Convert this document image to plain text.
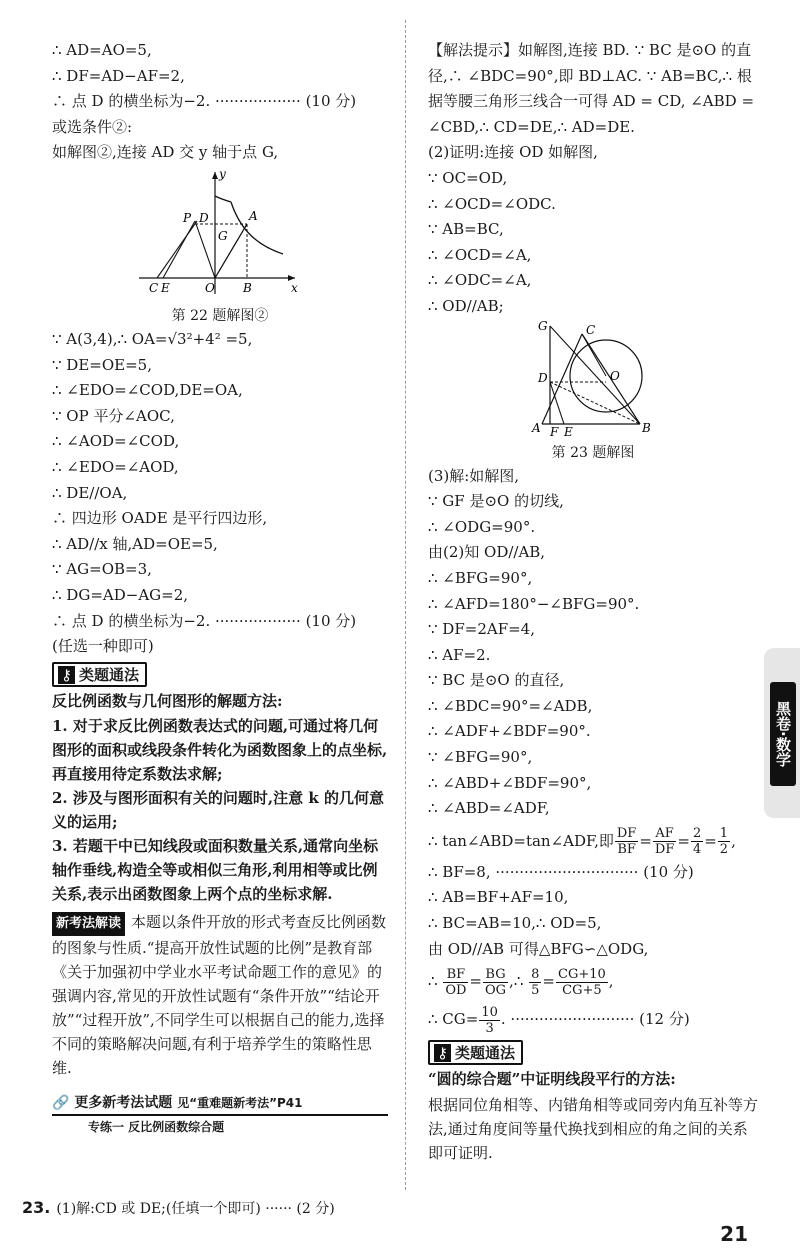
∴ AD=AO=5,
∴ DF=AD−AF=2,
∴ 点 D 的横坐标为−2. ·················· (10 分)
或选条件②:
如解图②,连接 AD 交 y 轴于点 G,
y
x
P D	A
G
C E	O B
第 22 题解图②
∵ A(3,4),∴ OA=√3²+4² =5,
∵ DE=OE=5,
∴ ∠EDO=∠COD,DE=OA,
∵ OP 平分∠AOC,
∴ ∠AOD=∠COD,
∴ ∠EDO=∠AOD,
∴ DE//OA,
∴ 四边形 OADE 是平行四边形,
∴ AD//x 轴,AD=OE=5,
∵ AG=OB=3,
∴ DG=AD−AG=2,
∴ 点 D 的横坐标为−2. ·················· (10 分)
(任选一种即可)
⚷ 类题通法
反比例函数与几何图形的解题方法:
1. 对于求反比例函数表达式的问题,可通过将几何图形的面积或线段条件转化为函数图象上的点坐标,再直接用待定系数法求解;
2. 涉及与图形面积有关的问题时,注意 k 的几何意义的运用;
3. 若题干中已知线段或面积数量关系,通常向坐标轴作垂线,构造全等或相似三角形,利用相等或比例关系,表示出函数图象上两个点的坐标求解.
新考法解读 本题以条件开放的形式考查反比例函数的图象与性质.“提高开放性试题的比例”是教育部《关于加强初中学业水平考试命题工作的意见》的强调内容,常见的开放性试题有“条件开放”“结论开放”“过程开放”,不同学生可以根据自己的能力,选择不同的策略解决问题,有利于培养学生的策略性思维.
🔗 更多新考法试题 见“重难题新考法”P41
专练一 反比例函数综合题
23. (1)解:CD 或 DE;(任填一个即可) ······ (2 分)
【解法提示】如解图,连接 BD. ∵ BC 是⊙O 的直径,∴ ∠BDC=90°,即 BD⊥AC. ∵ AB=BC,∴ 根据等腰三角形三线合一可得 AD = CD, ∠ABD = ∠CBD,∴ CD=DE,∴ AD=DE.
(2)证明:连接 OD 如解图,
∵ OC=OD,
∴ ∠OCD=∠ODC.
∵ AB=BC,
∴ ∠OCD=∠A,
∴ ∠ODC=∠A,
∴ OD//AB;
G	C
D	O
A F E	B
第 23 题解图
(3)解:如解图,
∵ GF 是⊙O 的切线,
∴ ∠ODG=90°.
由(2)知 OD//AB,
∴ ∠BFG=90°,
∴ ∠AFD=180°−∠BFG=90°.
∵ DF=2AF=4,
∴ AF=2.
∵ BC 是⊙O 的直径,
∴ ∠BDC=90°=∠ADB,
∴ ∠ADF+∠BDF=90°.
∵ ∠BFG=90°,
∴ ∠ABD+∠BDF=90°,
∴ ∠ABD=∠ADF,
∴ tan∠ABD=tan∠ADF,即 $\frac{DF}{BF} = \frac{AF}{DF} = \frac{2}{4} = \frac{1}{2}$ ,
∴ BF=8, ······························ (10 分)
∴ AB=BF+AF=10,
∴ BC=AB=10,∴ OD=5,
由 OD//AB 可得△BFG∽△ODG,
∴ $\frac{BF}{OD} = \frac{BG}{OG}$ ,∴ $\frac{8}{5} = \frac{CG+10}{CG+5}$ ,
∴ $CG= \frac{10}{3}$ . ·························· (12 分)
⚷ 类题通法
“圆的综合题”中证明线段平行的方法:
根据同位角相等、内错角相等或同旁内角互补等方法,通过角度间等量代换找到相应的角之间的关系即可证明.
黑卷·数学
21
